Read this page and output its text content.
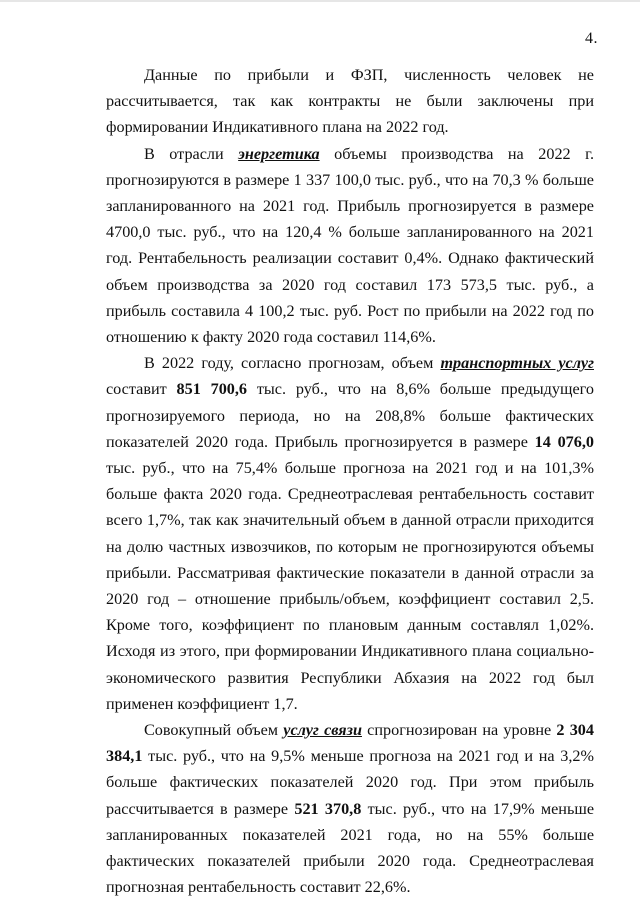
4.

Данные по прибыли и ФЗП, численность человек не рассчитывается, так как контракты не были заключены при формировании Индикативного плана на 2022 год.

В отрасли энергетика объемы производства на 2022 г. прогнозируются в размере 1 337 100,0 тыс. руб., что на 70,3 % больше запланированного на 2021 год. Прибыль прогнозируется в размере 4700,0 тыс. руб., что на 120,4 % больше запланированного на 2021 год. Рентабельность реализации составит 0,4%. Однако фактический объем производства за 2020 год составил 173 573,5 тыс. руб., а прибыль составила 4 100,2 тыс. руб. Рост по прибыли на 2022 год по отношению к факту 2020 года составил 114,6%.

В 2022 году, согласно прогнозам, объем транспортных услуг составит 851 700,6 тыс. руб., что на 8,6% больше предыдущего прогнозируемого периода, но на 208,8% больше фактических показателей 2020 года. Прибыль прогнозируется в размере 14 076,0 тыс. руб., что на 75,4% больше прогноза на 2021 год и на 101,3% больше факта 2020 года. Среднеотраслевая рентабельность составит всего 1,7%, так как значительный объем в данной отрасли приходится на долю частных извозчиков, по которым не прогнозируются объемы прибыли. Рассматривая фактические показатели в данной отрасли за 2020 год – отношение прибыль/объем, коэффициент составил 2,5. Кроме того, коэффициент по плановым данным составлял 1,02%. Исходя из этого, при формировании Индикативного плана социально-экономического развития Республики Абхазия на 2022 год был применен коэффициент 1,7.

Совокупный объем услуг связи спрогнозирован на уровне 2 304 384,1 тыс. руб., что на 9,5% меньше прогноза на 2021 год и на 3,2% больше фактических показателей 2020 год. При этом прибыль рассчитывается в размере 521 370,8 тыс. руб., что на 17,9% меньше запланированных показателей 2021 года, но на 55% больше фактических показателей прибыли 2020 года. Среднеотраслевая прогнозная рентабельность составит 22,6%.
